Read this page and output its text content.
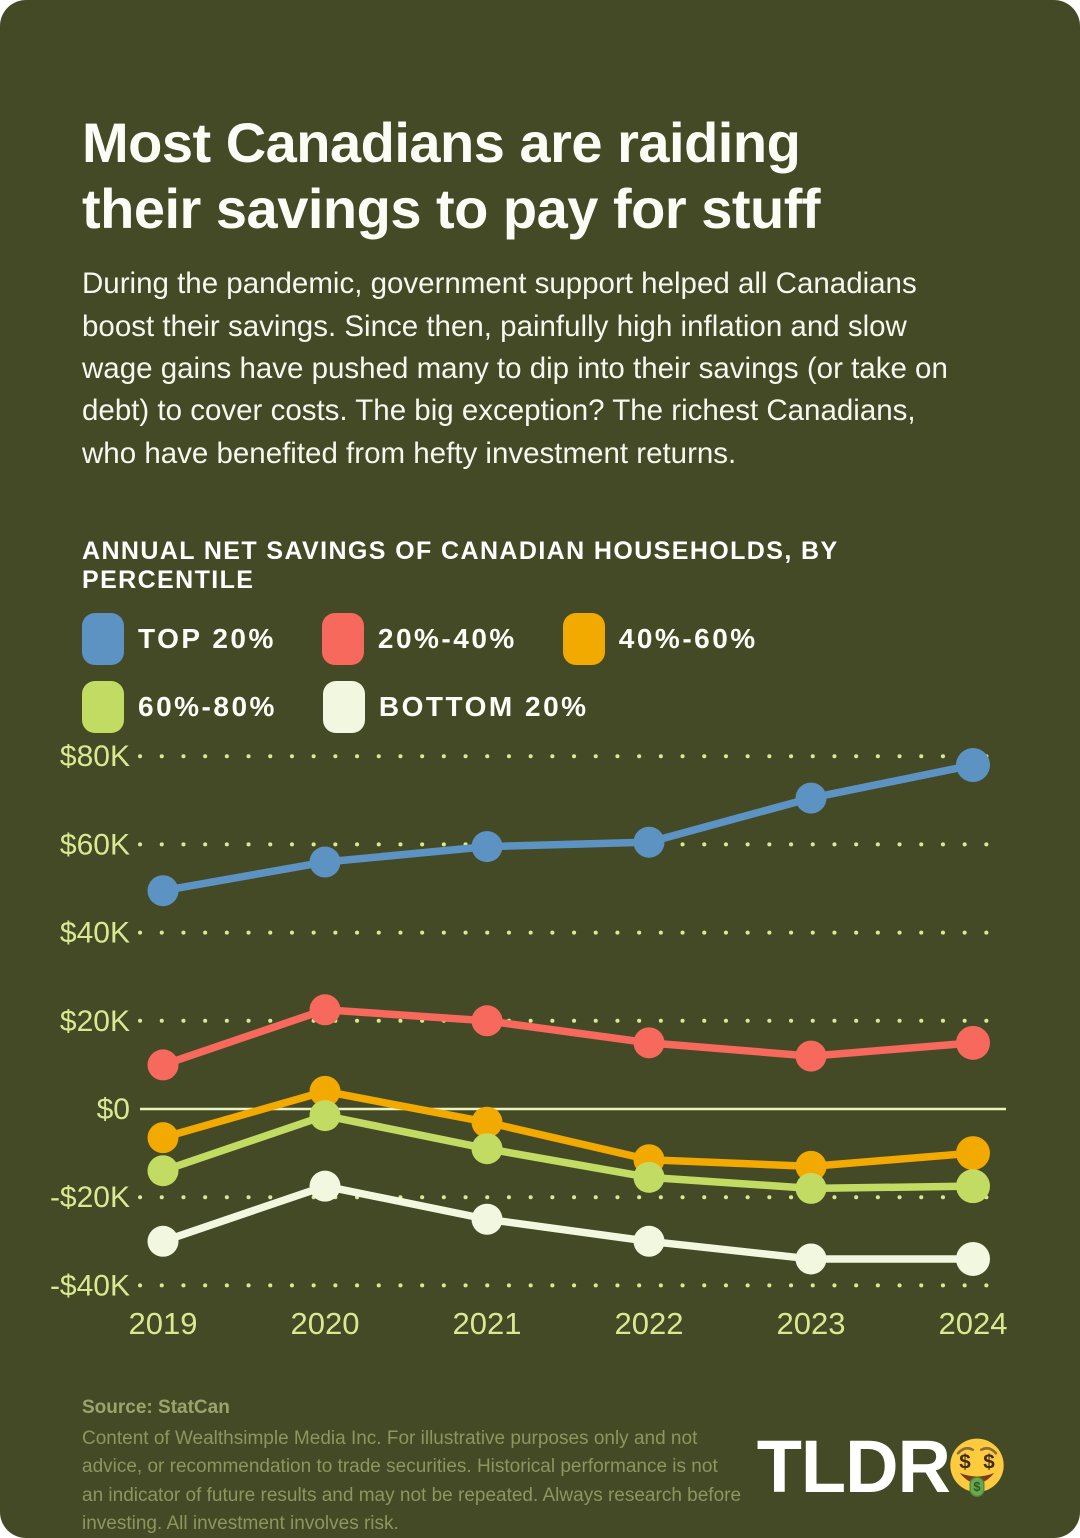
Most Canadians are raiding
their savings to pay for stuff

During the pandemic, government support helped all Canadians boost their savings. Since then, painfully high inflation and slow wage gains have pushed many to dip into their savings (or take on debt) to cover costs. The big exception? The richest Canadians, who have benefited from hefty investment returns.

ANNUAL NET SAVINGS OF CANADIAN HOUSEHOLDS, BY PERCENTILE
TOP 20%	20%-40%	40%-60%
60%-80%	BOTTOM 20%
$80K
$60K
$40K
$20K
$0
-$20K
-$40K
2019	2020	2021	2022	2023	2024
Source: StatCan
Content of Wealthsimple Media Inc. For illustrative purposes only and not advice, or recommendation to trade securities. Historical performance is not an indicator of future results and may not be repeated. Always research before investing. All investment involves risk.
TLDR $ $
$
